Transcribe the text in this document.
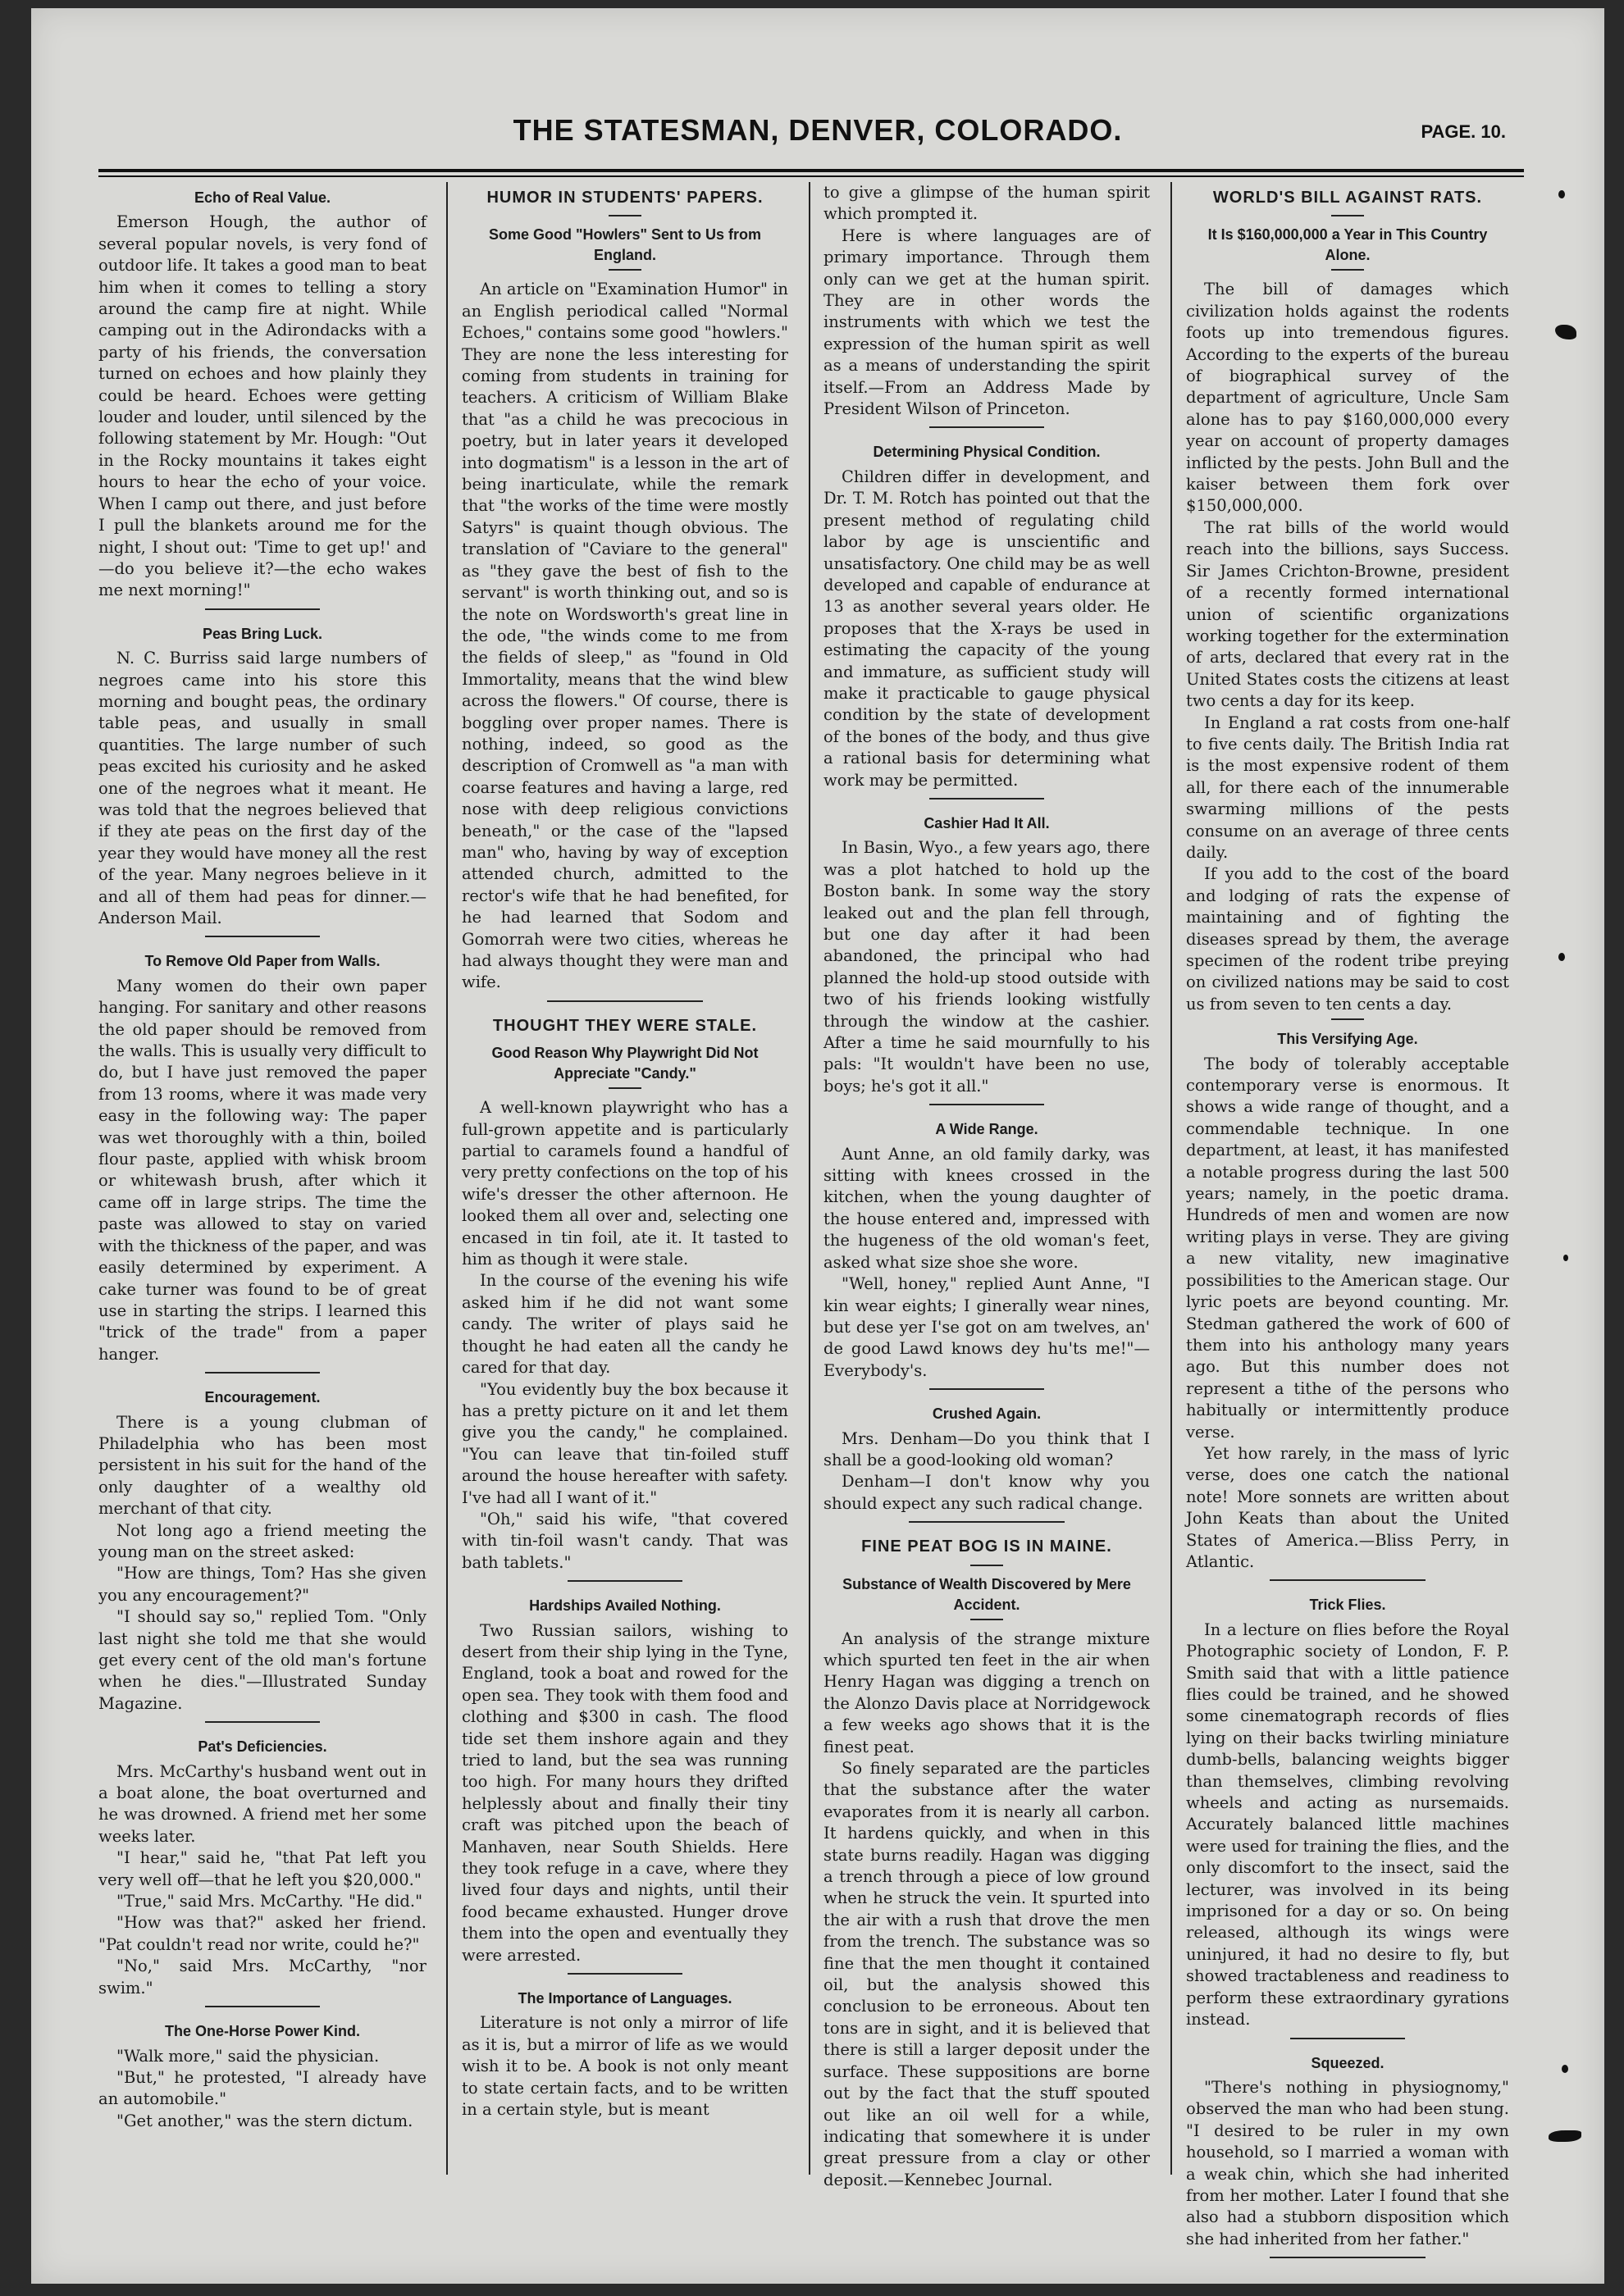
THE STATESMAN, DENVER, COLORADO.	PAGE. 10.
Echo of Real Value.

Emerson Hough, the author of several popular novels, is very fond of outdoor life. It takes a good man to beat him when it comes to telling a story around the camp fire at night. While camping out in the Adirondacks with a party of his friends, the conversation turned on echoes and how plainly they could be heard. Echoes were getting louder and louder, until silenced by the following statement by Mr. Hough: "Out in the Rocky mountains it takes eight hours to hear the echo of your voice. When I camp out there, and just before I pull the blankets around me for the night, I shout out: 'Time to get up!' and—do you believe it?—the echo wakes me next morning!"

Peas Bring Luck.

N. C. Burriss said large numbers of negroes came into his store this morning and bought peas, the ordinary table peas, and usually in small quantities. The large number of such peas excited his curiosity and he asked one of the negroes what it meant. He was told that the negroes believed that if they ate peas on the first day of the year they would have money all the rest of the year. Many negroes believe in it and all of them had peas for dinner.—Anderson Mail.

To Remove Old Paper from Walls.

Many women do their own paper hanging. For sanitary and other reasons the old paper should be removed from the walls. This is usually very difficult to do, but I have just removed the paper from 13 rooms, where it was made very easy in the following way: The paper was wet thoroughly with a thin, boiled flour paste, applied with whisk broom or whitewash brush, after which it came off in large strips. The time the paste was allowed to stay on varied with the thickness of the paper, and was easily determined by experiment. A cake turner was found to be of great use in starting the strips. I learned this "trick of the trade" from a paper hanger.

Encouragement.

There is a young clubman of Philadelphia who has been most persistent in his suit for the hand of the only daughter of a wealthy old merchant of that city.

Not long ago a friend meeting the young man on the street asked:

"How are things, Tom? Has she given you any encouragement?"

"I should say so," replied Tom. "Only last night she told me that she would get every cent of the old man's fortune when he dies."—Illustrated Sunday Magazine.

Pat's Deficiencies.

Mrs. McCarthy's husband went out in a boat alone, the boat overturned and he was drowned. A friend met her some weeks later.

"I hear," said he, "that Pat left you very well off—that he left you $20,000."

"True," said Mrs. McCarthy. "He did."

"How was that?" asked her friend. "Pat couldn't read nor write, could he?"

"No," said Mrs. McCarthy, "nor swim."

The One-Horse Power Kind.

"Walk more," said the physician.

"But," he protested, "I already have an automobile."

"Get another," was the stern dictum.

HUMOR IN STUDENTS' PAPERS.
Some Good "Howlers" Sent to Us from England.

An article on "Examination Humor" in an English periodical called "Normal Echoes," contains some good "howlers." They are none the less interesting for coming from students in training for teachers. A criticism of William Blake that "as a child he was precocious in poetry, but in later years it developed into dogmatism" is a lesson in the art of being inarticulate, while the remark that "the works of the time were mostly Satyrs" is quaint though obvious. The translation of "Caviare to the general" as "they gave the best of fish to the servant" is worth thinking out, and so is the note on Wordsworth's great line in the ode, "the winds come to me from the fields of sleep," as "found in Old Immortality, means that the wind blew across the flowers." Of course, there is boggling over proper names. There is nothing, indeed, so good as the description of Cromwell as "a man with coarse features and having a large, red nose with deep religious convictions beneath," or the case of the "lapsed man" who, having by way of exception attended church, admitted to the rector's wife that he had benefited, for he had learned that Sodom and Gomorrah were two cities, whereas he had always thought they were man and wife.

THOUGHT THEY WERE STALE.
Good Reason Why Playwright Did Not Appreciate "Candy."

A well-known playwright who has a full-grown appetite and is particularly partial to caramels found a handful of very pretty confections on the top of his wife's dresser the other afternoon. He looked them all over and, selecting one encased in tin foil, ate it. It tasted to him as though it were stale.

In the course of the evening his wife asked him if he did not want some candy. The writer of plays said he thought he had eaten all the candy he cared for that day.

"You evidently buy the box because it has a pretty picture on it and let them give you the candy," he complained. "You can leave that tin-foiled stuff around the house hereafter with safety. I've had all I want of it."

"Oh," said his wife, "that covered with tin-foil wasn't candy. That was bath tablets."

Hardships Availed Nothing.

Two Russian sailors, wishing to desert from their ship lying in the Tyne, England, took a boat and rowed for the open sea. They took with them food and clothing and $300 in cash. The flood tide set them inshore again and they tried to land, but the sea was running too high. For many hours they drifted helplessly about and finally their tiny craft was pitched upon the beach of Manhaven, near South Shields. Here they took refuge in a cave, where they lived four days and nights, until their food became exhausted. Hunger drove them into the open and eventually they were arrested.

The Importance of Languages.

Literature is not only a mirror of life as it is, but a mirror of life as we would wish it to be. A book is not only meant to state certain facts, and to be written in a certain style, but is meant

to give a glimpse of the human spirit which prompted it.

Here is where languages are of primary importance. Through them only can we get at the human spirit. They are in other words the instruments with which we test the expression of the human spirit as well as a means of understanding the spirit itself.—From an Address Made by President Wilson of Princeton.

Determining Physical Condition.

Children differ in development, and Dr. T. M. Rotch has pointed out that the present method of regulating child labor by age is unscientific and unsatisfactory. One child may be as well developed and capable of endurance at 13 as another several years older. He proposes that the X-rays be used in estimating the capacity of the young and immature, as sufficient study will make it practicable to gauge physical condition by the state of development of the bones of the body, and thus give a rational basis for determining what work may be permitted.

Cashier Had It All.

In Basin, Wyo., a few years ago, there was a plot hatched to hold up the Boston bank. In some way the story leaked out and the plan fell through, but one day after it had been abandoned, the principal who had planned the hold-up stood outside with two of his friends looking wistfully through the window at the cashier. After a time he said mournfully to his pals: "It wouldn't have been no use, boys; he's got it all."

A Wide Range.

Aunt Anne, an old family darky, was sitting with knees crossed in the kitchen, when the young daughter of the house entered and, impressed with the hugeness of the old woman's feet, asked what size shoe she wore.

"Well, honey," replied Aunt Anne, "I kin wear eights; I ginerally wear nines, but dese yer I'se got on am twelves, an' de good Lawd knows dey hu'ts me!"—Everybody's.

Crushed Again.

Mrs. Denham—Do you think that I shall be a good-looking old woman?

Denham—I don't know why you should expect any such radical change.

FINE PEAT BOG IS IN MAINE.
Substance of Wealth Discovered by Mere Accident.

An analysis of the strange mixture which spurted ten feet in the air when Henry Hagan was digging a trench on the Alonzo Davis place at Norridgewock a few weeks ago shows that it is the finest peat.

So finely separated are the particles that the substance after the water evaporates from it is nearly all carbon. It hardens quickly, and when in this state burns readily. Hagan was digging a trench through a piece of low ground when he struck the vein. It spurted into the air with a rush that drove the men from the trench. The substance was so fine that the men thought it contained oil, but the analysis showed this conclusion to be erroneous. About ten tons are in sight, and it is believed that there is still a larger deposit under the surface. These suppositions are borne out by the fact that the stuff spouted out like an oil well for a while, indicating that somewhere it is under great pressure from a clay or other deposit.—Kennebec Journal.

WORLD'S BILL AGAINST RATS.
It Is $160,000,000 a Year in This Country Alone.

The bill of damages which civilization holds against the rodents foots up into tremendous figures. According to the experts of the bureau of biographical survey of the department of agriculture, Uncle Sam alone has to pay $160,000,000 every year on account of property damages inflicted by the pests. John Bull and the kaiser between them fork over $150,000,000.

The rat bills of the world would reach into the billions, says Success. Sir James Crichton-Browne, president of a recently formed international union of scientific organizations working together for the extermination of arts, declared that every rat in the United States costs the citizens at least two cents a day for its keep.

In England a rat costs from one-half to five cents daily. The British India rat is the most expensive rodent of them all, for there each of the innumerable swarming millions of the pests consume on an average of three cents daily.

If you add to the cost of the board and lodging of rats the expense of maintaining and of fighting the diseases spread by them, the average specimen of the rodent tribe preying on civilized nations may be said to cost us from seven to ten cents a day.

This Versifying Age.

The body of tolerably acceptable contemporary verse is enormous. It shows a wide range of thought, and a commendable technique. In one department, at least, it has manifested a notable progress during the last 500 years; namely, in the poetic drama. Hundreds of men and women are now writing plays in verse. They are giving a new vitality, new imaginative possibilities to the American stage. Our lyric poets are beyond counting. Mr. Stedman gathered the work of 600 of them into his anthology many years ago. But this number does not represent a tithe of the persons who habitually or intermittently produce verse.

Yet how rarely, in the mass of lyric verse, does one catch the national note! More sonnets are written about John Keats than about the United States of America.—Bliss Perry, in Atlantic.

Trick Flies.

In a lecture on flies before the Royal Photographic society of London, F. P. Smith said that with a little patience flies could be trained, and he showed some cinematograph records of flies lying on their backs twirling miniature dumb-bells, balancing weights bigger than themselves, climbing revolving wheels and acting as nursemaids. Accurately balanced little machines were used for training the flies, and the only discomfort to the insect, said the lecturer, was involved in its being imprisoned for a day or so. On being released, although its wings were uninjured, it had no desire to fly, but showed tractableness and readiness to perform these extraordinary gyrations instead.

Squeezed.

"There's nothing in physiognomy," observed the man who had been stung. "I desired to be ruler in my own household, so I married a woman with a weak chin, which she had inherited from her mother. Later I found that she also had a stubborn disposition which she had inherited from her father."
